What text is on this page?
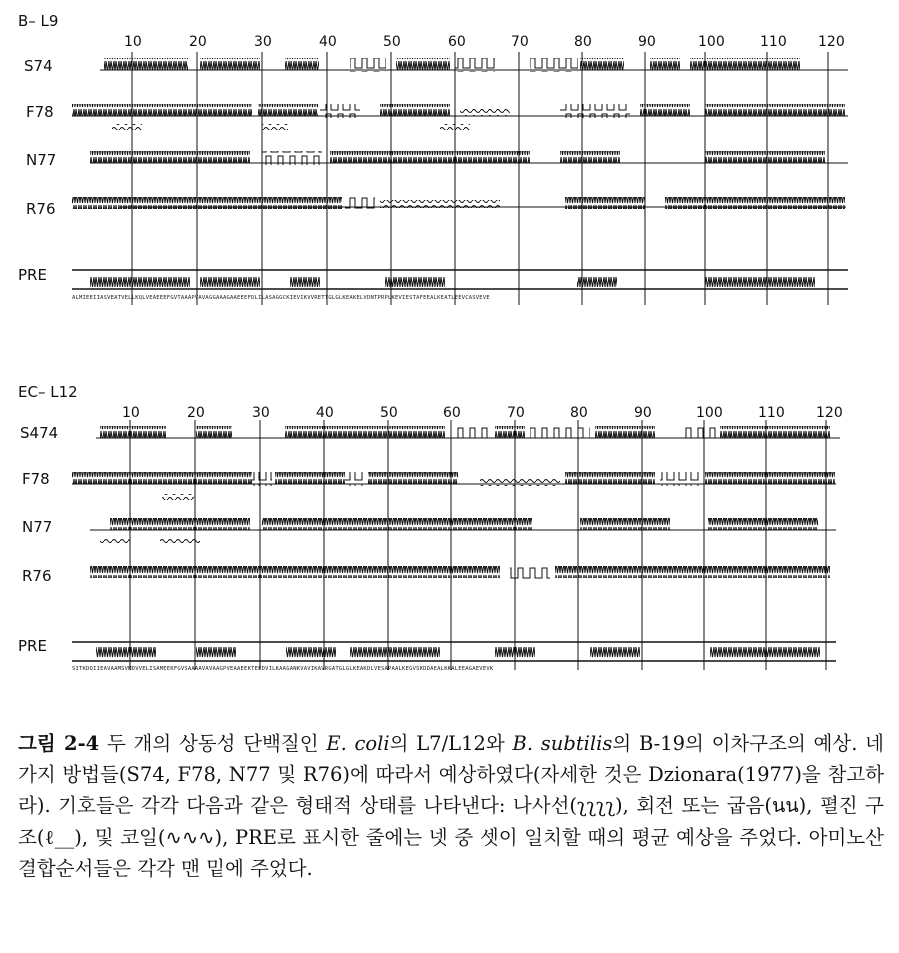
B– L9
10	20	30	40	50	60	70	80	90	100	110 120
S74
F78
N77
R76
PRE
ALMIEEIIASVEATVELLKQLVEAEEEFGVTAAAPVAVAGGAAAGAAEEEFDLILASAGGCKIEVIKVVRETTGLGLKEAKELVDNTPRPLKEVIESTAFEEALKEATLEEVCASVEVE
EC– L12
10	20	30	40	50	60	70	80	90	100	110 120
S474
F78
N77
R76
PRE
SITKDQIIEAVAAMSVMDVVELISAMEEKFGVSAAAAVAVAAGPVEAAEEKTEFDVILKAAGANKVAVIKAVRGATGLGLKEAKDLVESAPAALKEGVSKDDAEALKKALEEAGAEVEVK

그림 2-4 두 개의 상동성 단백질인 E. coli의 L7/L12와 B. subtilis의 B-19의 이차구조의 예상. 네 가지 방법들(S74, F78, N77 및 R76)에 따라서 예상하였다(자세한 것은 Dzionara(1977)을 참고하라). 기호들은 각각 다음과 같은 형태적 상태를 나타낸다: 나사선(ʅʅʅʅ), 회전 또는 굽음(นน), 펼진 구조(ℓ__), 및 코일(∿∿∿), PRE로 표시한 줄에는 넷 중 셋이 일치할 때의 평균 예상을 주었다. 아미노산 결합순서들은 각각 맨 밑에 주었다.
